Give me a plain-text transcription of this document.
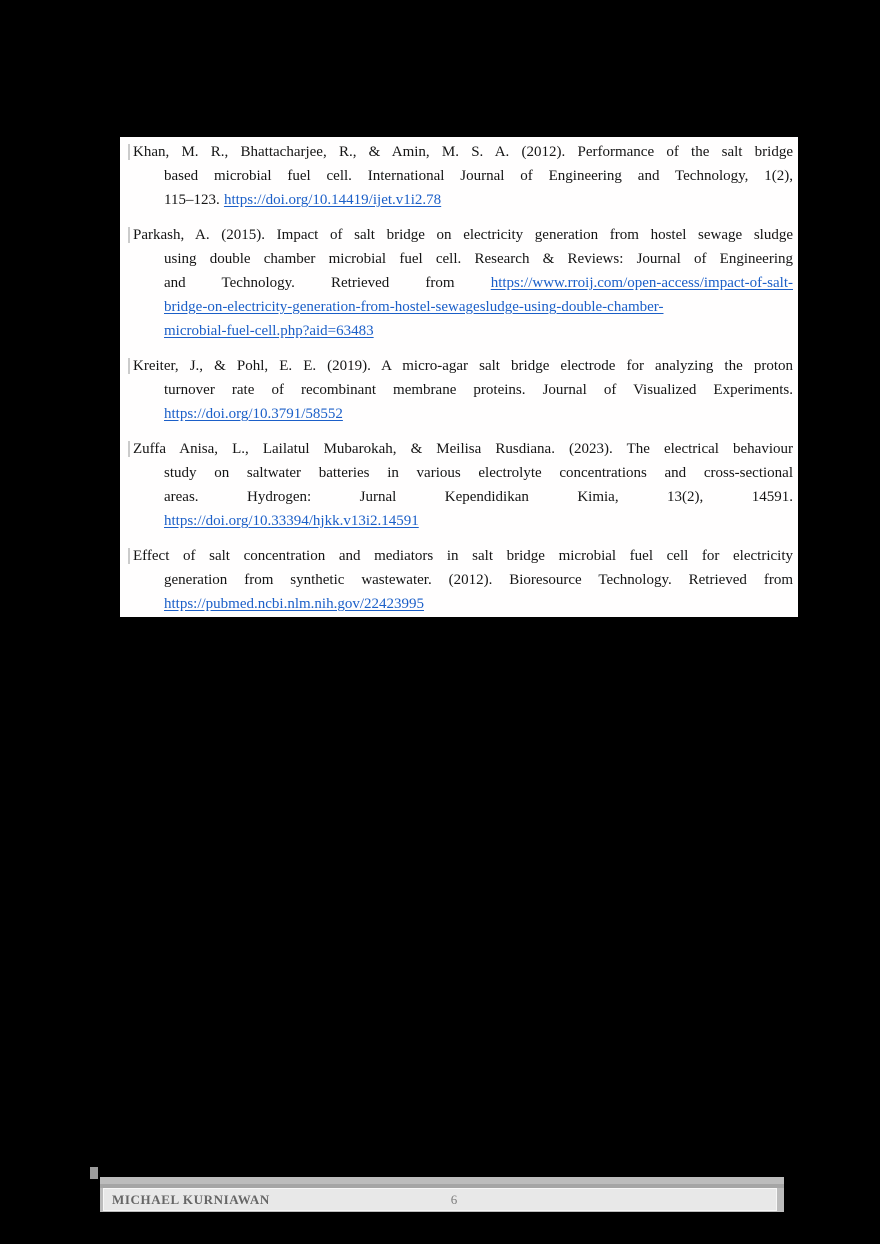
Khan, M. R., Bhattacharjee, R., & Amin, M. S. A. (2012). Performance of the salt bridge
based microbial fuel cell. International Journal of Engineering and Technology, 1(2),
115–123. https://doi.org/10.14419/ijet.v1i2.78
Parkash, A. (2015). Impact of salt bridge on electricity generation from hostel sewage sludge
using double chamber microbial fuel cell. Research & Reviews: Journal of Engineering
and Technology. Retrieved from https://www.rroij.com/open-access/impact-of-salt-
bridge-on-electricity-generation-from-hostel-sewagesludge-using-double-chamber-
microbial-fuel-cell.php?aid=63483
Kreiter, J., & Pohl, E. E. (2019). A micro-agar salt bridge electrode for analyzing the proton
turnover rate of recombinant membrane proteins. Journal of Visualized Experiments.
https://doi.org/10.3791/58552
Zuffa Anisa, L., Lailatul Mubarokah, & Meilisa Rusdiana. (2023). The electrical behaviour
study on saltwater batteries in various electrolyte concentrations and cross-sectional
areas. Hydrogen: Jurnal Kependidikan Kimia, 13(2), 14591.
https://doi.org/10.33394/hjkk.v13i2.14591
Effect of salt concentration and mediators in salt bridge microbial fuel cell for electricity
generation from synthetic wastewater. (2012). Bioresource Technology. Retrieved from
https://pubmed.ncbi.nlm.nih.gov/22423995
MICHAEL KURNIAWAN	6
